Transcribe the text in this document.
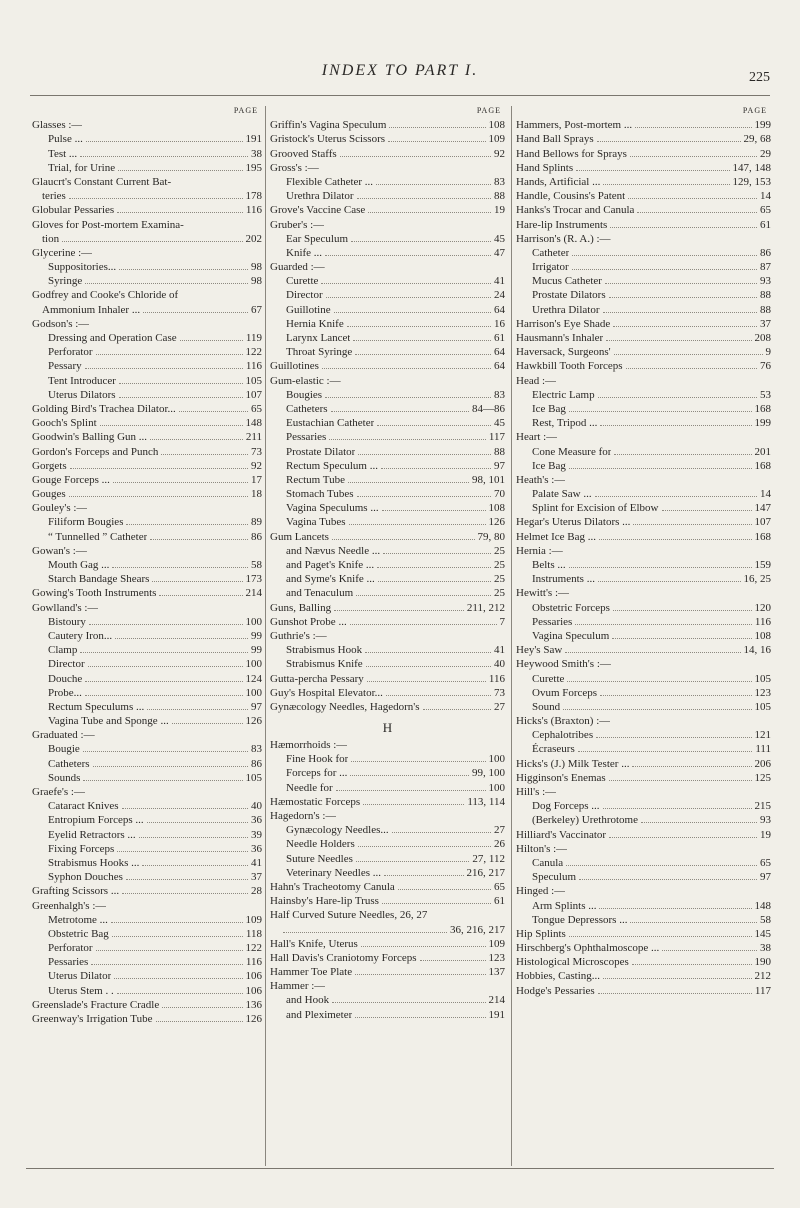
INDEX TO PART I.	225
PAGE
Glasses :—
Pulse ...	191
Test ...	38
Trial, for Urine	195
Glaucrt's Constant Current Bat-
teries	178
Globular Pessaries	116
Gloves for Post-mortem Examina-
tion	202
Glycerine :—
Suppositories...	98
Syringe	98
Godfrey and Cooke's Chloride of
Ammonium Inhaler ...	67
Godson's :—
Dressing and Operation Case	119
Perforator	122
Pessary	116
Tent Introducer	105
Uterus Dilators	107
Golding Bird's Trachea Dilator...	65
Gooch's Splint	148
Goodwin's Balling Gun ...	211
Gordon's Forceps and Punch	73
Gorgets	92
Gouge Forceps ...	17
Gouges	18
Gouley's :—
Filiform Bougies	89
“ Tunnelled ” Catheter	86
Gowan's :—
Mouth Gag ...	58
Starch Bandage Shears	173
Gowing's Tooth Instruments	214
Gowlland's :—
Bistoury	100
Cautery Iron...	99
Clamp	99
Director	100
Douche	124
Probe...	100
Rectum Speculums ...	97
Vagina Tube and Sponge ...	126
Graduated :—
Bougie	83
Catheters	86
Sounds	105
Graefe's :—
Cataract Knives	40
Entropium Forceps ...	36
Eyelid Retractors ...	39
Fixing Forceps	36
Strabismus Hooks ...	41
Syphon Douches	37
Grafting Scissors ...	28
Greenhalgh's :—
Metrotome ...	109
Obstetric Bag	118
Perforator	122
Pessaries	116
Uterus Dilator	106
Uterus Stem . .	106
Greenslade's Fracture Cradle	136
Greenway's Irrigation Tube	126
PAGE
Griffin's Vagina Speculum	108
Gristock's Uterus Scissors	109
Grooved Staffs	92
Gross's :—
Flexible Catheter ...	83
Urethra Dilator	88
Grove's Vaccine Case	19
Gruber's :—
Ear Speculum	45
Knife ...	47
Guarded :—
Curette	41
Director	24
Guillotine	64
Hernia Knife	16
Larynx Lancet	61
Throat Syringe	64
Guillotines	64
Gum-elastic :—
Bougies	83
Catheters	84—86
Eustachian Catheter	45
Pessaries	117
Prostate Dilator	88
Rectum Speculum ...	97
Rectum Tube	98, 101
Stomach Tubes	70
Vagina Speculums ...	108
Vagina Tubes	126
Gum Lancets	79, 80
and Nævus Needle ...	25
and Paget's Knife ...	25
and Syme's Knife ...	25
and Tenaculum	25
Guns, Balling	211, 212
Gunshot Probe ...	7
Guthrie's :—
Strabismus Hook	41
Strabismus Knife	40
Gutta-percha Pessary	116
Guy's Hospital Elevator...	73
Gynæcology Needles, Hagedorn's	27
H
Hæmorrhoids :—
Fine Hook for	100
Forceps for ...	99, 100
Needle for	100
Hæmostatic Forceps	113, 114
Hagedorn's :—
Gynæcology Needles...	27
Needle Holders	26
Suture Needles	27, 112
Veterinary Needles ...	216, 217
Hahn's Tracheotomy Canula	65
Hainsby's Hare-lip Truss	61
Half Curved Suture Needles, 26, 27
36, 216, 217
Hall's Knife, Uterus	109
Hall Davis's Craniotomy Forceps	123
Hammer Toe Plate	137
Hammer :—
and Hook	214
and Pleximeter	191
PAGE
Hammers, Post-mortem ...	199
Hand Ball Sprays	29, 68
Hand Bellows for Sprays	29
Hand Splints	147, 148
Hands, Artificial ...	129, 153
Handle, Cousins's Patent	14
Hanks's Trocar and Canula	65
Hare-lip Instruments	61
Harrison's (R. A.) :—
Catheter	86
Irrigator	87
Mucus Catheter	93
Prostate Dilators	88
Urethra Dilator	88
Harrison's Eye Shade	37
Hausmann's Inhaler	208
Haversack, Surgeons'	9
Hawkbill Tooth Forceps	76
Head :—
Electric Lamp	53
Ice Bag	168
Rest, Tripod ...	199
Heart :—
Cone Measure for	201
Ice Bag	168
Heath's :—
Palate Saw ...	14
Splint for Excision of Elbow	147
Hegar's Uterus Dilators ...	107
Helmet Ice Bag ...	168
Hernia :—
Belts ...	159
Instruments ...	16, 25
Hewitt's :—
Obstetric Forceps	120
Pessaries	116
Vagina Speculum	108
Hey's Saw	14, 16
Heywood Smith's :—
Curette	105
Ovum Forceps	123
Sound	105
Hicks's (Braxton) :—
Cephalotribes	121
Écraseurs	111
Hicks's (J.) Milk Tester ...	206
Higginson's Enemas	125
Hill's :—
Dog Forceps ...	215
(Berkeley) Urethrotome	93
Hilliard's Vaccinator	19
Hilton's :—
Canula	65
Speculum	97
Hinged :—
Arm Splints ...	148
Tongue Depressors ...	58
Hip Splints	145
Hirschberg's Ophthalmoscope ...	38
Histological Microscopes	190
Hobbies, Casting...	212
Hodge's Pessaries	117
